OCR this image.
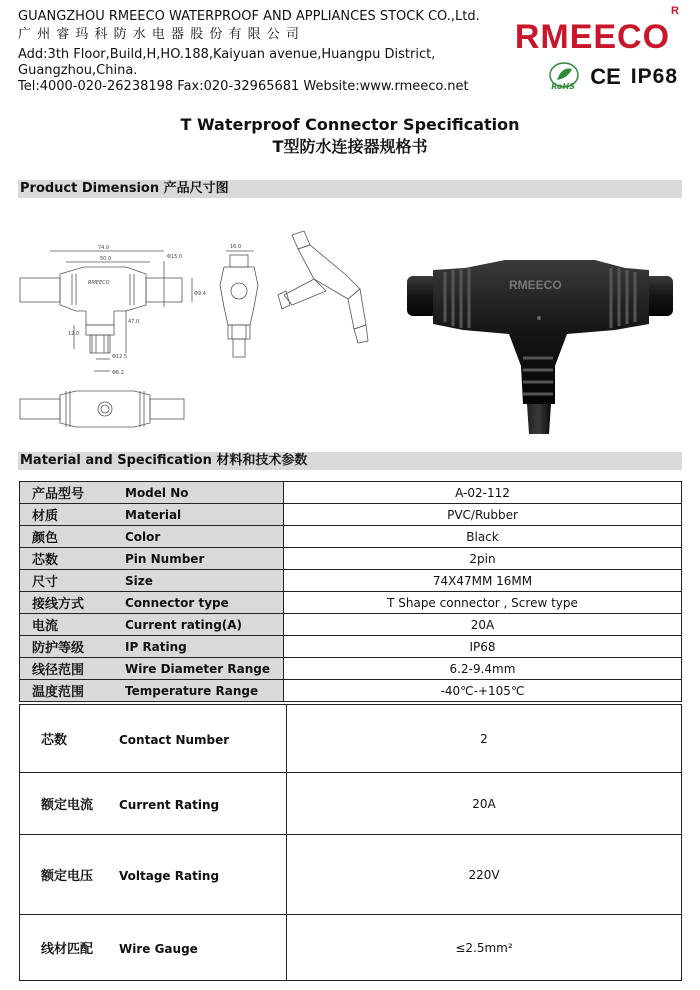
GUANGZHOU RMEECO WATERPROOF AND APPLIANCES STOCK CO.,Ltd.
广 州 睿 玛 科 防 水 电 器 股 份 有 限 公 司
Add:3th Floor,Build,H,HO.188,Kaiyuan avenue,Huangpu District,
Guangzhou,China.
Tel:4000-020-26238198 Fax:020-32965681 Website:www.rmeeco.net
$RMEECO^R$
RoHS CE IP68
T Waterproof Connector Specification
T型防水连接器规格书
Product Dimension 产品尺寸图
74.0
50.0	Φ15.0
Φ9.4
12.0
47.0
Φ12.5
Φ6.2
16.0
RMEECO	RMEECO
Material and Specification 材料和技术参数
产品型号	Model No	A-02-112
材质	Material	PVC/Rubber
颜色	Color	Black
芯数	Pin Number	2pin
尺寸	Size	74X47MM 16MM
接线方式	Connector type	T Shape connector , Screw type
电流	Current rating(A)	20A
防护等级	IP Rating	IP68
线径范围	Wire Diameter Range	6.2-9.4mm
温度范围	Temperature Range	-40℃-+105℃
芯数 Contact Number	2
额定电流 Current Rating	20A
额定电压 Voltage Rating	220V
线材匹配 Wire Gauge	≤2.5mm²
